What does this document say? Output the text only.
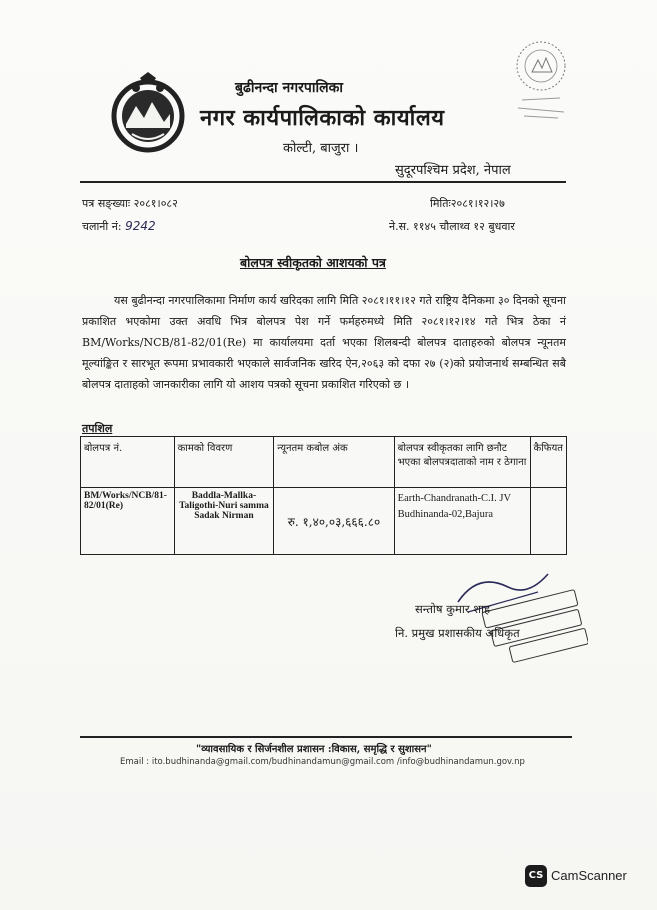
बुढीनन्दा नगरपालिका
नगर कार्यपालिकाको कार्यालय
कोल्टी, बाजुरा ।
सुदूरपश्चिम प्रदेश, नेपाल
पत्र सङ्ख्याः २०८१।०८२
चलानी नं: 9242
मितिः२०८१।१२।२७
ने.स. ११४५ चौलाथ्व १२ बुधवार
बोलपत्र स्वीकृतको आशयको पत्र

यस बुढीनन्दा नगरपालिकामा निर्माण कार्य खरिदका लागि मिति २०८१।११।१२ गते राष्ट्रिय दैनिकमा ३० दिनको सूचना प्रकाशित भएकोमा उक्त अवधि भित्र बोलपत्र पेश गर्ने फर्महरुमध्ये मिति २०८१।१२।१४ गते भित्र ठेका नं BM/Works/NCB/81-82/01(Re) मा कार्यालयमा दर्ता भएका शिलबन्दी बोलपत्र दाताहरुको बोलपत्र न्यूनतम मूल्यांङ्कित र सारभूत रूपमा प्रभावकारी भएकाले सार्वजनिक खरिद ऐन,२०६३ को दफा २७ (२)को प्रयोजनार्थ सम्बन्धित सबै बोलपत्र दाताहको जानकारीका लागि यो आशय पत्रको सूचना प्रकाशित गरिएको छ ।

तपशिल
बोलपत्र नं.	कामको विवरण	न्यूनतम कबोल अंक	बोलपत्र स्वीकृतका लागि छनौट भएका बोलपत्रदाताको नाम र ठेगाना	कैफियत
BM/Works/NCB/81-82/01(Re)	Baddla-Mallka-Taligothi-Nuri samma Sadak Nirman	रु. १,४०,०३,६६६.८०	Earth-Chandranath-C.I. JV
Budhinanda-02,Bajura	

सन्तोष कुमार शाह
नि. प्रमुख प्रशासकीय अधिकृत
"व्यावसायिक र सिर्जनशील प्रशासन :विकास, समृद्धि र सुशासन"
Email : ito.budhinanda@gmail.com/budhinandamun@gmail.com /info@budhinandamun.gov.np
CS CamScanner
